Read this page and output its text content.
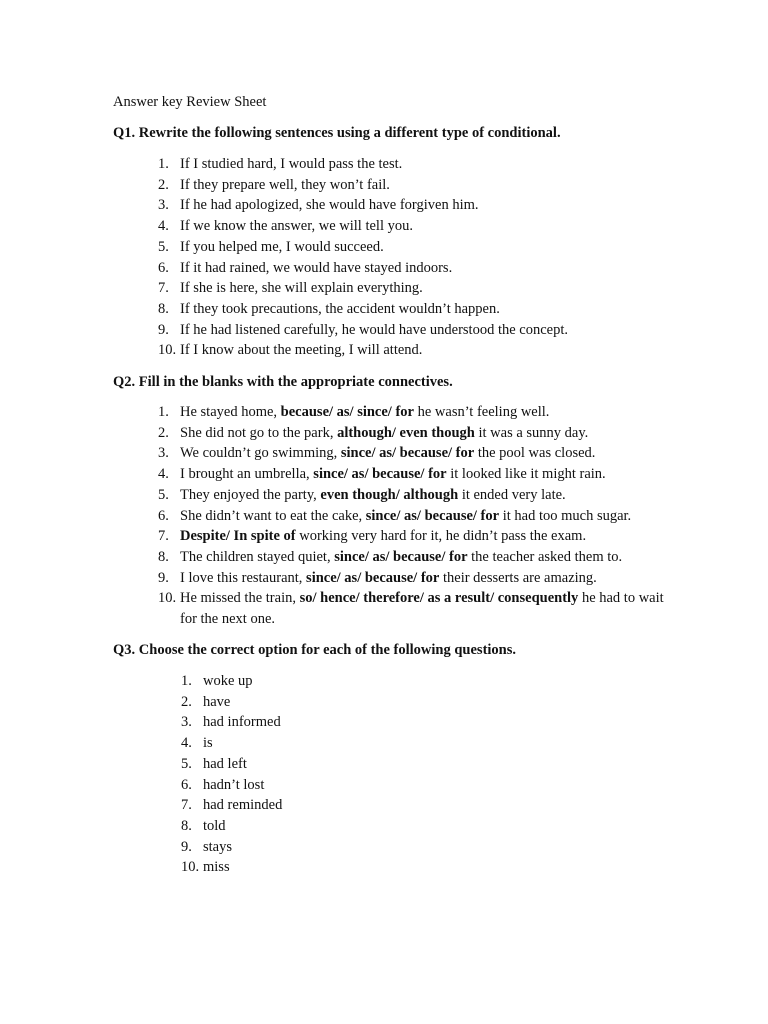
Answer key Review Sheet
Q1. Rewrite the following sentences using a different type of conditional.
1. If I studied hard, I would pass the test.
2. If they prepare well, they won’t fail.
3. If he had apologized, she would have forgiven him.
4. If we know the answer, we will tell you.
5. If you helped me, I would succeed.
6. If it had rained, we would have stayed indoors.
7. If she is here, she will explain everything.
8. If they took precautions, the accident wouldn’t happen.
9. If he had listened carefully, he would have understood the concept.
10. If I know about the meeting, I will attend.
Q2. Fill in the blanks with the appropriate connectives.
1. He stayed home, because/ as/ since/ for he wasn’t feeling well.
2. She did not go to the park, although/ even though it was a sunny day.
3. We couldn’t go swimming, since/ as/ because/ for the pool was closed.
4. I brought an umbrella, since/ as/ because/ for it looked like it might rain.
5. They enjoyed the party, even though/ although it ended very late.
6. She didn’t want to eat the cake, since/ as/ because/ for it had too much sugar.
7. Despite/ In spite of working very hard for it, he didn’t pass the exam.
8. The children stayed quiet, since/ as/ because/ for the teacher asked them to.
9. I love this restaurant, since/ as/ because/ for their desserts are amazing.
10. He missed the train, so/ hence/ therefore/ as a result/ consequently he had to wait for the next one.
Q3. Choose the correct option for each of the following questions.
1. woke up
2. have
3. had informed
4. is
5. had left
6. hadn’t lost
7. had reminded
8. told
9. stays
10. miss
